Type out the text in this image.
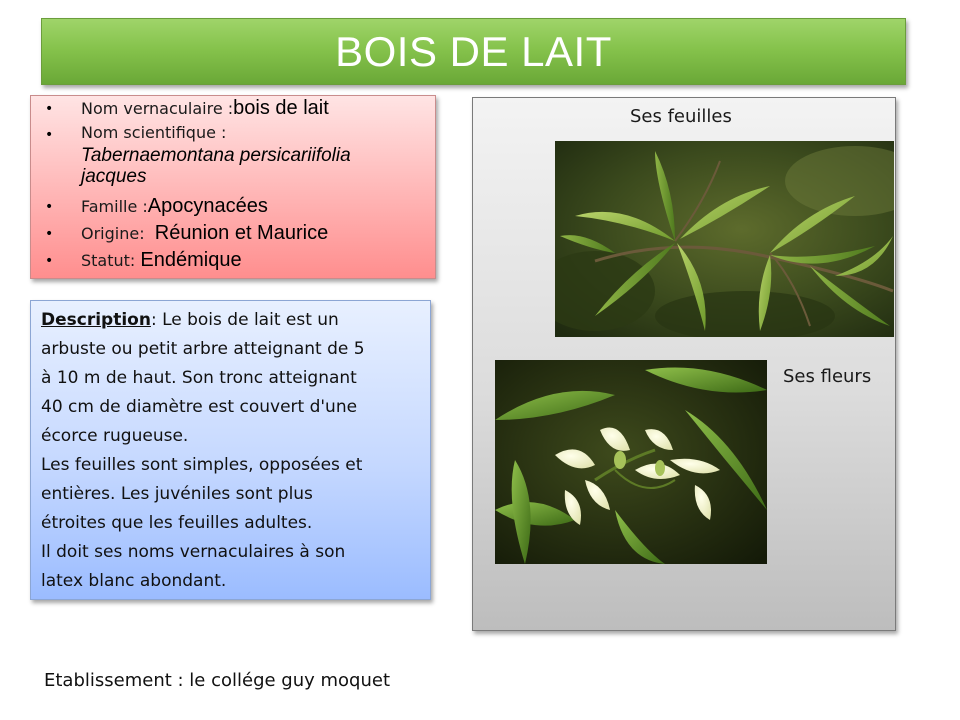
BOIS DE LAIT
• Nom vernaculaire :bois de lait
• Nom scientifique :
Tabernaemontana persicariifolia
jacques
• Famille :Apocynacées
• Origine: Réunion et Maurice
• Statut: Endémique
Description: Le bois de lait est un
arbuste ou petit arbre atteignant de 5
à 10 m de haut. Son tronc atteignant
40 cm de diamètre est couvert d'une
écorce rugueuse.
Les feuilles sont simples, opposées et
entières. Les juvéniles sont plus
étroites que les feuilles adultes.
Il doit ses noms vernaculaires à son
latex blanc abondant.
Ses feuilles
Ses fleurs
Etablissement : le collége guy moquet
